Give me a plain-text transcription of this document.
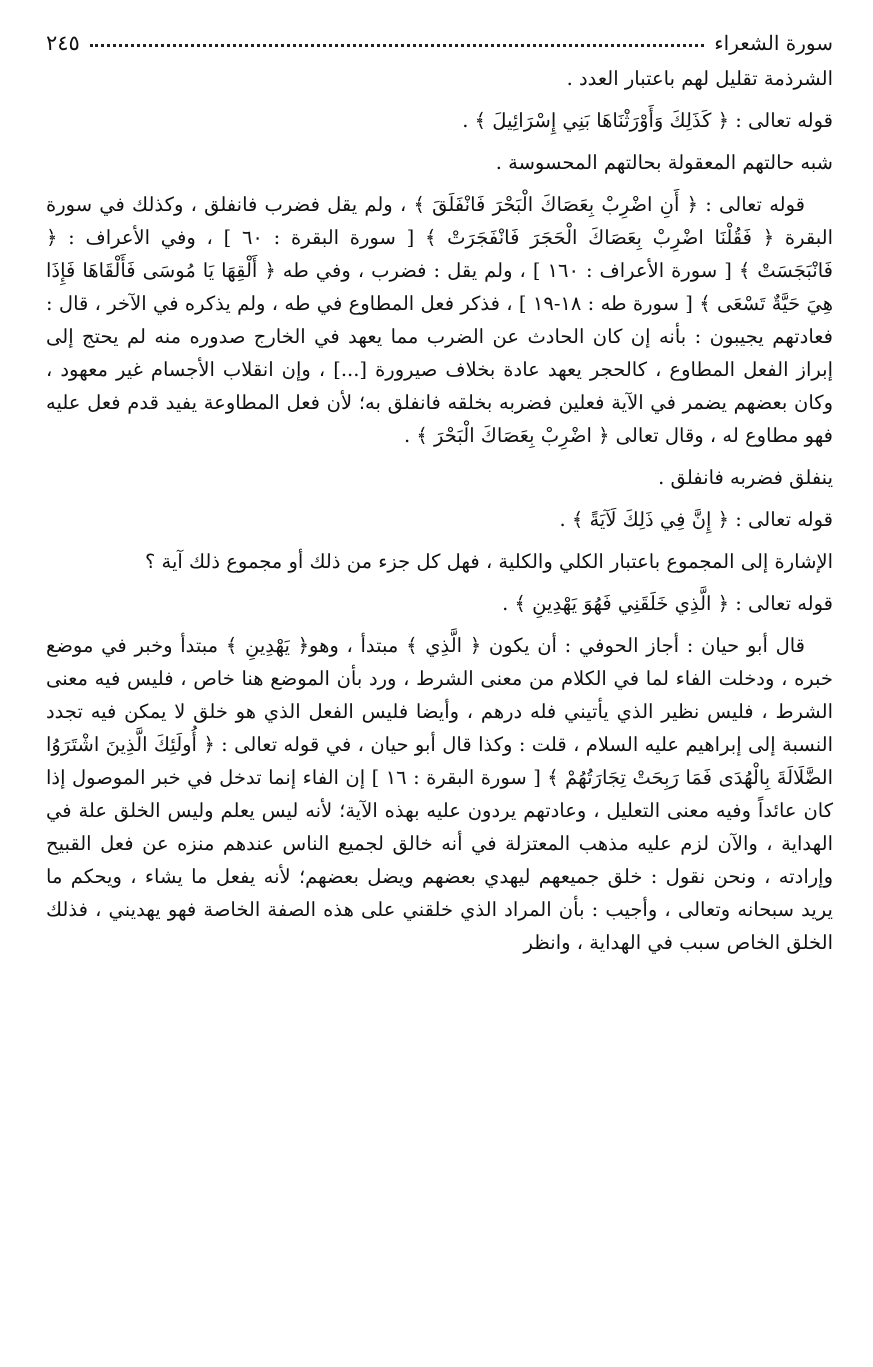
سورة الشعراء
٢٤٥

الشرذمة تقليل لهم باعتبار العدد .

قوله تعالى : ﴿ كَذَلِكَ وَأَوْرَثْنَاهَا بَنِي إِسْرَائِيلَ ﴾ .

شبه حالتهم المعقولة بحالتهم المحسوسة .

قوله تعالى : ﴿ أَنِ اضْرِبْ بِعَصَاكَ الْبَحْرَ فَانْفَلَقَ ﴾ ، ولم يقل فضرب فانفلق ، وكذلك في سورة البقرة ﴿ فَقُلْنَا اضْرِبْ بِعَصَاكَ الْحَجَرَ فَانْفَجَرَتْ ﴾ [ سورة البقرة : ٦٠ ] ، وفي الأعراف : ﴿ فَانْبَجَسَتْ ﴾ [ سورة الأعراف : ١٦٠ ] ، ولم يقل : فضرب ، وفي طه ﴿ أَلْقِهَا يَا مُوسَى فَأَلْقَاهَا فَإِذَا هِيَ حَيَّةٌ تَسْعَى ﴾ [ سورة طه : ١٨-١٩ ] ، فذكر فعل المطاوع في طه ، ولم يذكره في الآخر ، قال : فعادتهم يجيبون : بأنه إن كان الحادث عن الضرب مما يعهد في الخارج صدوره منه لم يحتج إلى إبراز الفعل المطاوع ، كالحجر يعهد عادة بخلاف صيرورة [...] ، وإن انقلاب الأجسام غير معهود ، وكان بعضهم يضمر في الآية فعلين فضربه بخلقه فانفلق به؛ لأن فعل المطاوعة يفيد قدم فعل عليه فهو مطاوع له ، وقال تعالى ﴿ اضْرِبْ بِعَصَاكَ الْبَحْرَ ﴾ .

ينفلق فضربه فانفلق .

قوله تعالى : ﴿ إِنَّ فِي ذَلِكَ لَآيَةً ﴾ .

الإشارة إلى المجموع باعتبار الكلي والكلية ، فهل كل جزء من ذلك أو مجموع ذلك آية ؟

قوله تعالى : ﴿ الَّذِي خَلَقَنِي فَهُوَ يَهْدِينِ ﴾ .

قال أبو حيان : أجاز الحوفي : أن يكون ﴿ الَّذِي ﴾ مبتدأ ، وهو﴿ يَهْدِينِ ﴾ مبتدأ وخبر في موضع خبره ، ودخلت الفاء لما في الكلام من معنى الشرط ، ورد بأن الموضع هنا خاص ، فليس فيه معنى الشرط ، فليس نظير الذي يأتيني فله درهم ، وأيضا فليس الفعل الذي هو خلق لا يمكن فيه تجدد النسبة إلى إبراهيم عليه السلام ، قلت : وكذا قال أبو حيان ، في قوله تعالى : ﴿ أُولَئِكَ الَّذِينَ اشْتَرَوُا الضَّلَالَةَ بِالْهُدَى فَمَا رَبِحَتْ تِجَارَتُهُمْ ﴾ [ سورة البقرة : ١٦ ] إن الفاء إنما تدخل في خبر الموصول إذا كان عائداً وفيه معنى التعليل ، وعادتهم يردون عليه بهذه الآية؛ لأنه ليس يعلم وليس الخلق علة في الهداية ، والآن لزم عليه مذهب المعتزلة في أنه خالق لجميع الناس عندهم منزه عن فعل القبيح وإرادته ، ونحن نقول : خلق جميعهم ليهدي بعضهم ويضل بعضهم؛ لأنه يفعل ما يشاء ، ويحكم ما يريد سبحانه وتعالى ، وأجيب : بأن المراد الذي خلقني على هذه الصفة الخاصة فهو يهديني ، فذلك الخلق الخاص سبب في الهداية ، وانظر
